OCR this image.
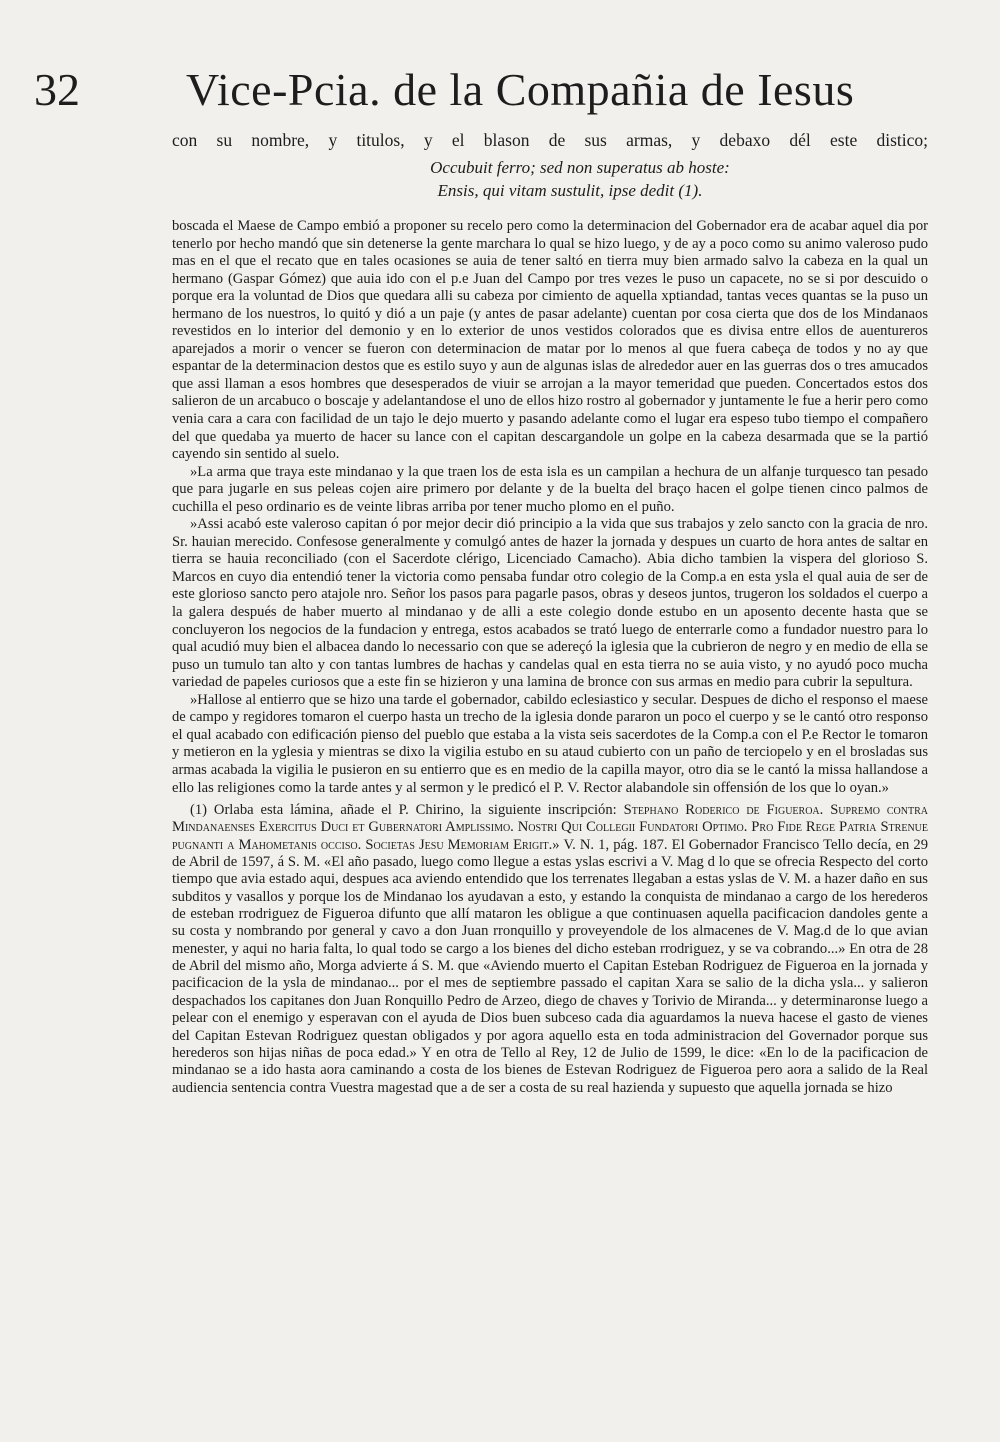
32 Vice-Pcia. de la Compañia de Iesus

con su nombre, y titulos, y el blason de sus armas, y debaxo dél este distico;

Occubuit ferro; sed non superatus ab hoste:

Ensis, qui vitam sustulit, ipse dedit (1).

boscada el Maese de Campo embió a proponer su recelo pero como la determinacion del Gobernador era de acabar aquel dia por tenerlo por hecho mandó que sin detenerse la gente marchara lo qual se hizo luego, y de ay a poco como su animo valeroso pudo mas en el que el recato que en tales ocasiones se auia de tener saltó en tierra muy bien armado salvo la cabeza en la qual un hermano (Gaspar Gómez) que auia ido con el p.e Juan del Campo por tres vezes le puso un capacete, no se si por descuido o porque era la voluntad de Dios que quedara alli su cabeza por cimiento de aquella xptiandad, tantas veces quantas se la puso un hermano de los nuestros, lo quitó y dió a un paje (y antes de pasar adelante) cuentan por cosa cierta que dos de los Mindanaos revestidos en lo interior del demonio y en lo exterior de unos vestidos colorados que es divisa entre ellos de auentureros aparejados a morir o vencer se fueron con determinacion de matar por lo menos al que fuera cabeça de todos y no ay que espantar de la determinacion destos que es estilo suyo y aun de algunas islas de alrededor auer en las guerras dos o tres amucados que assi llaman a esos hombres que desesperados de viuir se arrojan a la mayor temeridad que pueden. Concertados estos dos salieron de un arcabuco o boscaje y adelantandose el uno de ellos hizo rostro al gobernador y juntamente le fue a herir pero como venia cara a cara con facilidad de un tajo le dejo muerto y pasando adelante como el lugar era espeso tubo tiempo el compañero del que quedaba ya muerto de hacer su lance con el capitan descargandole un golpe en la cabeza desarmada que se la partió cayendo sin sentido al suelo.

»La arma que traya este mindanao y la que traen los de esta isla es un campilan a hechura de un alfanje turquesco tan pesado que para jugarle en sus peleas cojen aire primero por delante y de la buelta del braço hacen el golpe tienen cinco palmos de cuchilla el peso ordinario es de veinte libras arriba por tener mucho plomo en el puño.

»Assi acabó este valeroso capitan ó por mejor decir dió principio a la vida que sus trabajos y zelo sancto con la gracia de nro. Sr. hauian merecido. Confesose generalmente y comulgó antes de hazer la jornada y despues un cuarto de hora antes de saltar en tierra se hauia reconciliado (con el Sacerdote clérigo, Licenciado Camacho). Abia dicho tambien la vispera del glorioso S. Marcos en cuyo dia entendió tener la victoria como pensaba fundar otro colegio de la Comp.a en esta ysla el qual auia de ser de este glorioso sancto pero atajole nro. Señor los pasos para pagarle pasos, obras y deseos juntos, trugeron los soldados el cuerpo a la galera después de haber muerto al mindanao y de alli a este colegio donde estubo en un aposento decente hasta que se concluyeron los negocios de la fundacion y entrega, estos acabados se trató luego de enterrarle como a fundador nuestro para lo qual acudió muy bien el albacea dando lo necessario con que se adereçó la iglesia que la cubrieron de negro y en medio de ella se puso un tumulo tan alto y con tantas lumbres de hachas y candelas qual en esta tierra no se auia visto, y no ayudó poco mucha variedad de papeles curiosos que a este fin se hizieron y una lamina de bronce con sus armas en medio para cubrir la sepultura.

»Hallose al entierro que se hizo una tarde el gobernador, cabildo eclesiastico y secular. Despues de dicho el responso el maese de campo y regidores tomaron el cuerpo hasta un trecho de la iglesia donde pararon un poco el cuerpo y se le cantó otro responso el qual acabado con edificación pienso del pueblo que estaba a la vista seis sacerdotes de la Comp.a con el P.e Rector le tomaron y metieron en la yglesia y mientras se dixo la vigilia estubo en su ataud cubierto con un paño de terciopelo y en el brosladas sus armas acabada la vigilia le pusieron en su entierro que es en medio de la capilla mayor, otro dia se le cantó la missa hallandose a ello las religiones como la tarde antes y al sermon y le predicó el P. V. Rector alabandole sin offensión de los que lo oyan.»

(1) Orlaba esta lámina, añade el P. Chirino, la siguiente inscripción: Stephano Roderico de Figueroa. Supremo contra Mindanaenses Exercitus Duci et Gubernatori Amplissimo. Nostri Qui Collegii Fundatori Optimo. Pro Fide Rege Patria Strenue pugnanti a Mahometanis occiso. Societas Jesu Memoriam Erigit.» V. N. 1, pág. 187. El Gobernador Francisco Tello decía, en 29 de Abril de 1597, á S. M. «El año pasado, luego como llegue a estas yslas escrivi a V. Mag d lo que se ofrecia Respecto del corto tiempo que avia estado aqui, despues aca aviendo entendido que los terrenates llegaban a estas yslas de V. M. a hazer daño en sus subditos y vasallos y porque los de Mindanao los ayudavan a esto, y estando la conquista de mindanao a cargo de los herederos de esteban rrodriguez de Figueroa difunto que allí mataron les obligue a que continuasen aquella pacificacion dandoles gente a su costa y nombrando por general y cavo a don Juan rronquillo y proveyendole de los almacenes de V. Mag.d de lo que avian menester, y aqui no haria falta, lo qual todo se cargo a los bienes del dicho esteban rrodriguez, y se va cobrando...» En otra de 28 de Abril del mismo año, Morga advierte á S. M. que «Aviendo muerto el Capitan Esteban Rodriguez de Figueroa en la jornada y pacificacion de la ysla de mindanao... por el mes de septiembre passado el capitan Xara se salio de la dicha ysla... y salieron despachados los capitanes don Juan Ronquillo Pedro de Arzeo, diego de chaves y Torivio de Miranda... y determinaronse luego a pelear con el enemigo y esperavan con el ayuda de Dios buen subceso cada dia aguardamos la nueva hacese el gasto de vienes del Capitan Estevan Rodriguez questan obligados y por agora aquello esta en toda administracion del Governador porque sus herederos son hijas niñas de poca edad.» Y en otra de Tello al Rey, 12 de Julio de 1599, le dice: «En lo de la pacificacion de mindanao se a ido hasta aora caminando a costa de los bienes de Estevan Rodriguez de Figueroa pero aora a salido de la Real audiencia sentencia contra Vuestra magestad que a de ser a costa de su real hazienda y supuesto que aquella jornada se hizo
